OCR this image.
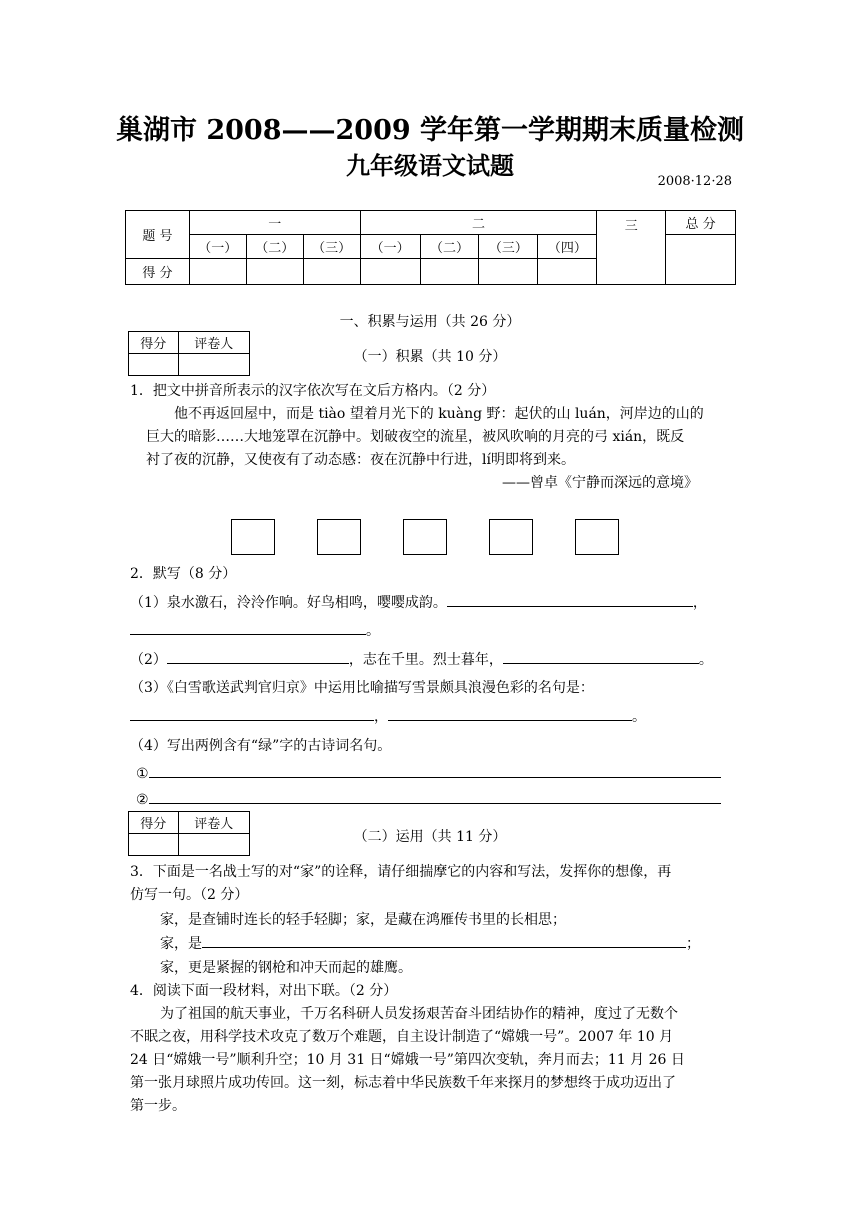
巢湖市 2008——2009 学年第一学期期末质量检测
九年级语文试题
2008·12·28
题 号	一			二				三	总 分
	（一）	（二）	（三）	（一）	（二）	（三）	（四）		
得 分									
一、积累与运用（共 26 分）
得分	评卷人

（一）积累（共 10 分）
1．把文中拼音所表示的汉字依次写在文后方格内。（2 分）
他不再返回屋中，而是 tiào 望着月光下的 kuàng 野：起伏的山 luán，河岸边的山的
巨大的暗影……大地笼罩在沉静中。划破夜空的流星，被风吹响的月亮的弓 xián，既反
衬了夜的沉静，又使夜有了动态感：夜在沉静中行进，lí明即将到来。
——曾卓《宁静而深远的意境》
2．默写（8 分）
（1）泉水激石，泠泠作响。好鸟相鸣，嘤嘤成韵。	，
。
（2）	，志在千里。烈士暮年，	。
（3）《白雪歌送武判官归京》中运用比喻描写雪景颇具浪漫色彩的名句是：
，	。
（4）写出两例含有“绿”字的古诗词名句。
①
②
得分	评卷人

（二）运用（共 11 分）
3．下面是一名战士写的对“家”的诠释，请仔细揣摩它的内容和写法，发挥你的想像，再
仿写一句。（2 分）
家，是查铺时连长的轻手轻脚；家，是藏在鸿雁传书里的长相思；
家，是	；
家，更是紧握的钢枪和冲天而起的雄鹰。
4．阅读下面一段材料，对出下联。（2 分）
为了祖国的航天事业，千万名科研人员发扬艰苦奋斗团结协作的精神，度过了无数个
不眠之夜，用科学技术攻克了数万个难题，自主设计制造了“嫦娥一号”。2007 年 10 月
24 日“嫦娥一号”顺利升空；10 月 31 日“嫦娥一号”第四次变轨，奔月而去；11 月 26 日
第一张月球照片成功传回。这一刻，标志着中华民族数千年来探月的梦想终于成功迈出了
第一步。
